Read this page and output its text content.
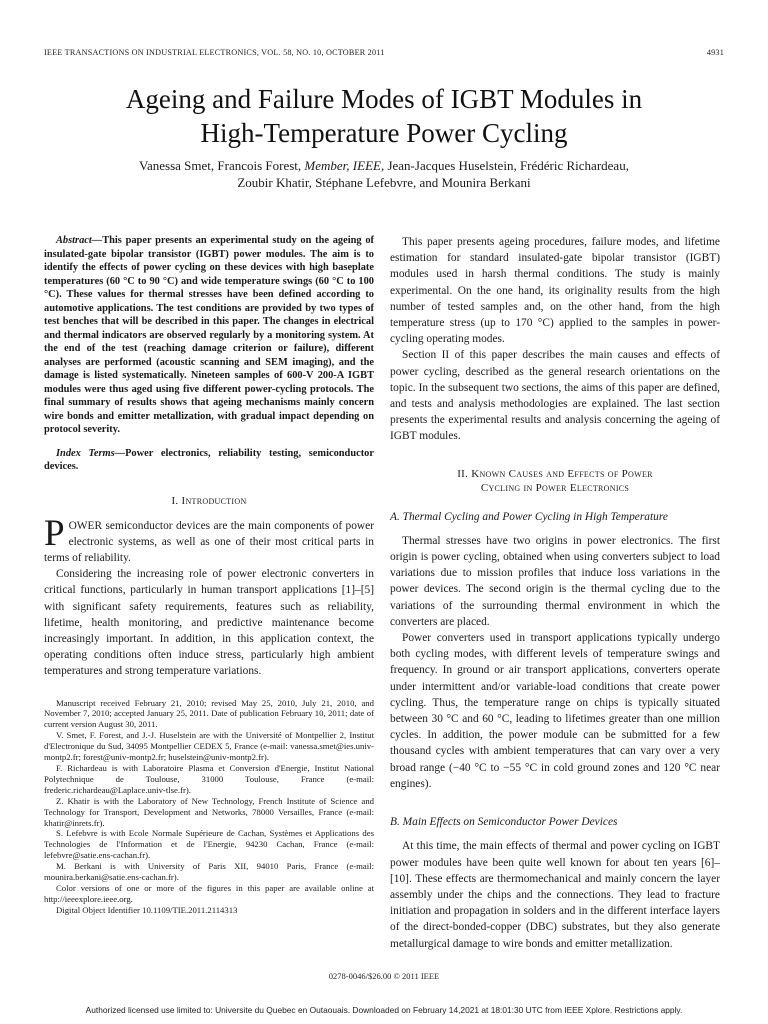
IEEE TRANSACTIONS ON INDUSTRIAL ELECTRONICS, VOL. 58, NO. 10, OCTOBER 2011	4931
Ageing and Failure Modes of IGBT Modules in
High-Temperature Power Cycling
Vanessa Smet, Francois Forest, Member, IEEE, Jean-Jacques Huselstein, Frédéric Richardeau,
Zoubir Khatir, Stéphane Lefebvre, and Mounira Berkani

Abstract—This paper presents an experimental study on the ageing of insulated-gate bipolar transistor (IGBT) power modules. The aim is to identify the effects of power cycling on these devices with high baseplate temperatures (60 °C to 90 °C) and wide temperature swings (60 °C to 100 °C). These values for thermal stresses have been defined according to automotive applications. The test conditions are provided by two types of test benches that will be described in this paper. The changes in electrical and thermal indicators are observed regularly by a monitoring system. At the end of the test (reaching damage criterion or failure), different analyses are performed (acoustic scanning and SEM imaging), and the damage is listed systematically. Nineteen samples of 600-V 200-A IGBT modules were thus aged using five different power-cycling protocols. The final summary of results shows that ageing mechanisms mainly concern wire bonds and emitter metallization, with gradual impact depending on protocol severity.

Index Terms—Power electronics, reliability testing, semiconductor devices.

I. Introduction

POWER semiconductor devices are the main components of power electronic systems, as well as one of their most critical parts in terms of reliability.

Considering the increasing role of power electronic converters in critical functions, particularly in human transport applications [1]–[5] with significant safety requirements, features such as reliability, lifetime, health monitoring, and predictive maintenance become increasingly important. In addition, in this application context, the operating conditions often induce stress, particularly high ambient temperatures and strong temperature variations.

Manuscript received February 21, 2010; revised May 25, 2010, July 21, 2010, and November 7, 2010; accepted January 25, 2011. Date of publication February 10, 2011; date of current version August 30, 2011.

V. Smet, F. Forest, and J.-J. Huselstein are with the Université of Montpellier 2, Institut d'Electronique du Sud, 34095 Montpellier CEDEX 5, France (e-mail: vanessa.smet@ies.univ-montp2.fr; forest@univ-montp2.fr; huselstein@univ-montp2.fr).

F. Richardeau is with Laboratoire Plasma et Conversion d'Energie, Institut National Polytechnique de Toulouse, 31000 Toulouse, France (e-mail: frederic.richardeau@Laplace.univ-tlse.fr).

Z. Khatir is with the Laboratory of New Technology, French Institute of Science and Technology for Transport, Development and Networks, 78000 Versailles, France (e-mail: khatir@inrets.fr).

S. Lefebvre is with Ecole Normale Supérieure de Cachan, Systèmes et Applications des Technologies de l'Information et de l'Energie, 94230 Cachan, France (e-mail: lefebvre@satie.ens-cachan.fr).

M. Berkani is with University of Paris XII, 94010 Paris, France (e-mail: mounira.berkani@satie.ens-cachan.fr).

Color versions of one or more of the figures in this paper are available online at http://ieeexplore.ieee.org.

Digital Object Identifier 10.1109/TIE.2011.2114313

This paper presents ageing procedures, failure modes, and lifetime estimation for standard insulated-gate bipolar transistor (IGBT) modules used in harsh thermal conditions. The study is mainly experimental. On the one hand, its originality results from the high number of tested samples and, on the other hand, from the high temperature stress (up to 170 °C) applied to the samples in power-cycling operating modes.

Section II of this paper describes the main causes and effects of power cycling, described as the general research orientations on the topic. In the subsequent two sections, the aims of this paper are defined, and tests and analysis methodologies are explained. The last section presents the experimental results and analysis concerning the ageing of IGBT modules.

II. Known Causes and Effects of Power
Cycling in Power Electronics
A. Thermal Cycling and Power Cycling in High Temperature

Thermal stresses have two origins in power electronics. The first origin is power cycling, obtained when using converters subject to load variations due to mission profiles that induce loss variations in the power devices. The second origin is the thermal cycling due to the variations of the surrounding thermal environment in which the converters are placed.

Power converters used in transport applications typically undergo both cycling modes, with different levels of temperature swings and frequency. In ground or air transport applications, converters operate under intermittent and/or variable-load conditions that create power cycling. Thus, the temperature range on chips is typically situated between 30 °C and 60 °C, leading to lifetimes greater than one million cycles. In addition, the power module can be submitted for a few thousand cycles with ambient temperatures that can vary over a very broad range (−40 °C to −55 °C in cold ground zones and 120 °C near engines).

B. Main Effects on Semiconductor Power Devices

At this time, the main effects of thermal and power cycling on IGBT power modules have been quite well known for about ten years [6]–[10]. These effects are thermomechanical and mainly concern the layer assembly under the chips and the connections. They lead to fracture initiation and propagation in solders and in the different interface layers of the direct-bonded-copper (DBC) substrates, but they also generate metallurgical damage to wire bonds and emitter metallization.

0278-0046/$26.00 © 2011 IEEE
Authorized licensed use limited to: Universite du Quebec en Outaouais. Downloaded on February 14,2021 at 18:01:30 UTC from IEEE Xplore. Restrictions apply.
